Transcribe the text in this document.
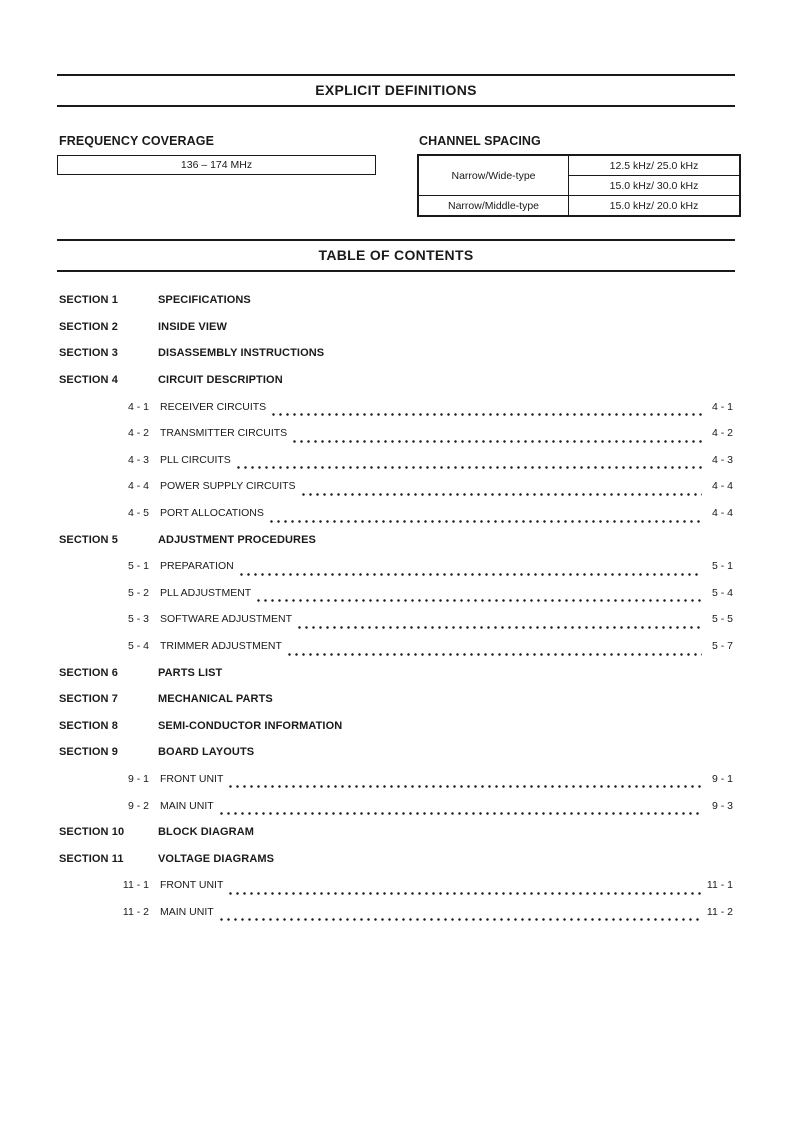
EXPLICIT DEFINITIONS
FREQUENCY COVERAGE
136 – 174 MHz
CHANNEL SPACING
Narrow/Wide-type	12.5 kHz/ 25.0 kHz
	15.0 kHz/ 30.0 kHz
Narrow/Middle-type	15.0 kHz/ 20.0 kHz
TABLE OF CONTENTS
SECTION 1	SPECIFICATIONS
SECTION 2	INSIDE VIEW
SECTION 3	DISASSEMBLY INSTRUCTIONS
SECTION 4	CIRCUIT DESCRIPTION
4 - 1 RECEIVER CIRCUITS	4 - 1
4 - 2 TRANSMITTER CIRCUITS	4 - 2
4 - 3 PLL CIRCUITS	4 - 3
4 - 4 POWER SUPPLY CIRCUITS	4 - 4
4 - 5 PORT ALLOCATIONS	4 - 4
SECTION 5	ADJUSTMENT PROCEDURES
5 - 1 PREPARATION	5 - 1
5 - 2 PLL ADJUSTMENT	5 - 4
5 - 3 SOFTWARE ADJUSTMENT	5 - 5
5 - 4 TRIMMER ADJUSTMENT	5 - 7
SECTION 6	PARTS LIST
SECTION 7	MECHANICAL PARTS
SECTION 8	SEMI-CONDUCTOR INFORMATION
SECTION 9	BOARD LAYOUTS
9 - 1 FRONT UNIT	9 - 1
9 - 2 MAIN UNIT	9 - 3
SECTION 10	BLOCK DIAGRAM
SECTION 11	VOLTAGE DIAGRAMS
11 - 1 FRONT UNIT	11 - 1
11 - 2 MAIN UNIT	11 - 2
